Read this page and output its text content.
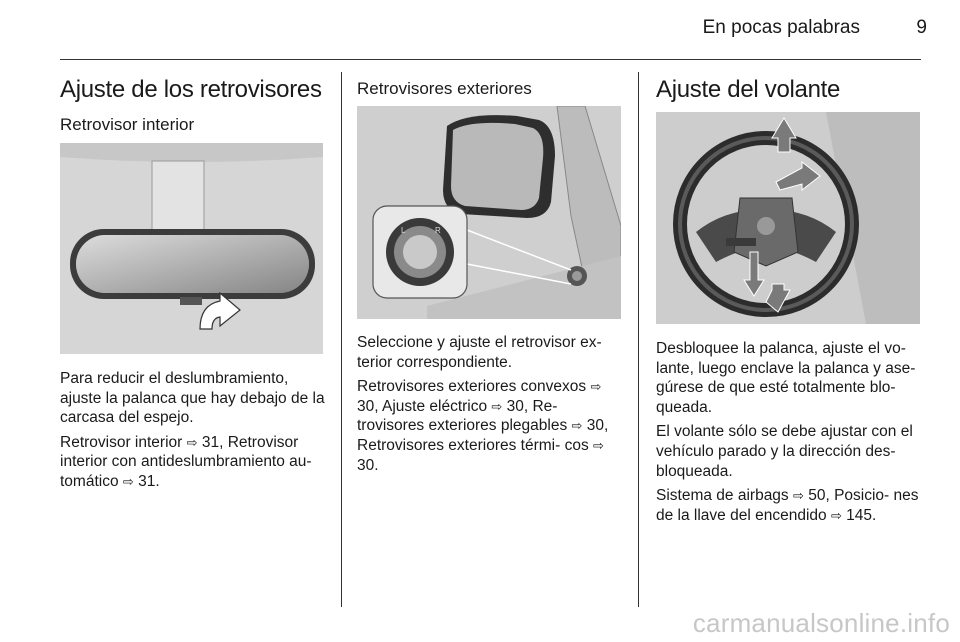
En pocas palabras	9
Ajuste de los retrovisores
Retrovisor interior

Para reducir el deslumbramiento, ajuste la palanca que hay debajo de la carcasa del espejo.

Retrovisor interior ⇨ 31, Retrovisor interior con antideslumbramiento au- tomático ⇨ 31.

Retrovisores exteriores
L	R

Seleccione y ajuste el retrovisor ex- terior correspondiente.

Retrovisores exteriores convexos ⇨ 30, Ajuste eléctrico ⇨ 30, Re- trovisores exteriores plegables ⇨ 30, Retrovisores exteriores térmi- cos ⇨ 30.

Ajuste del volante

Desbloquee la palanca, ajuste el vo- lante, luego enclave la palanca y ase- gúrese de que esté totalmente blo- queada.

El volante sólo se debe ajustar con el vehículo parado y la dirección des- bloqueada.

Sistema de airbags ⇨ 50, Posicio- nes de la llave del encendido ⇨ 145.

carmanualsonline.info
